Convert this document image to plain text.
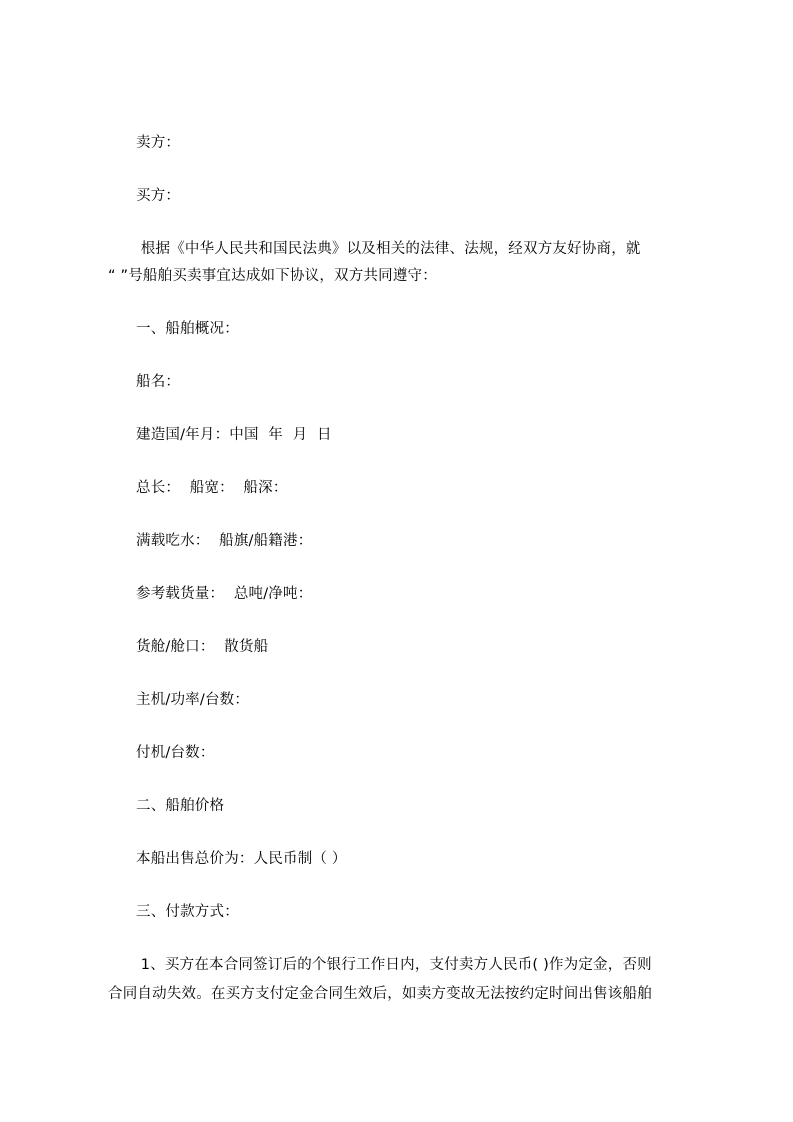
卖方：
买方：
根据《中华人民共和国民法典》以及相关的法律、法规，经双方友好协商，就
“ ”号船舶买卖事宜达成如下协议，双方共同遵守：
一、船舶概况：
船名：
建造国/年月：中国  年  月  日
总长：  船宽：  船深：
满载吃水：  船旗/船籍港：
参考载货量：  总吨/净吨：
货舱/舱口：  散货船
主机/功率/台数：
付机/台数：
二、船舶价格
本船出售总价为：人民币制（ ）
三、付款方式：
1、买方在本合同签订后的个银行工作日内，支付卖方人民币( )作为定金，否则
合同自动失效。在买方支付定金合同生效后，如卖方变故无法按约定时间出售该船舶
